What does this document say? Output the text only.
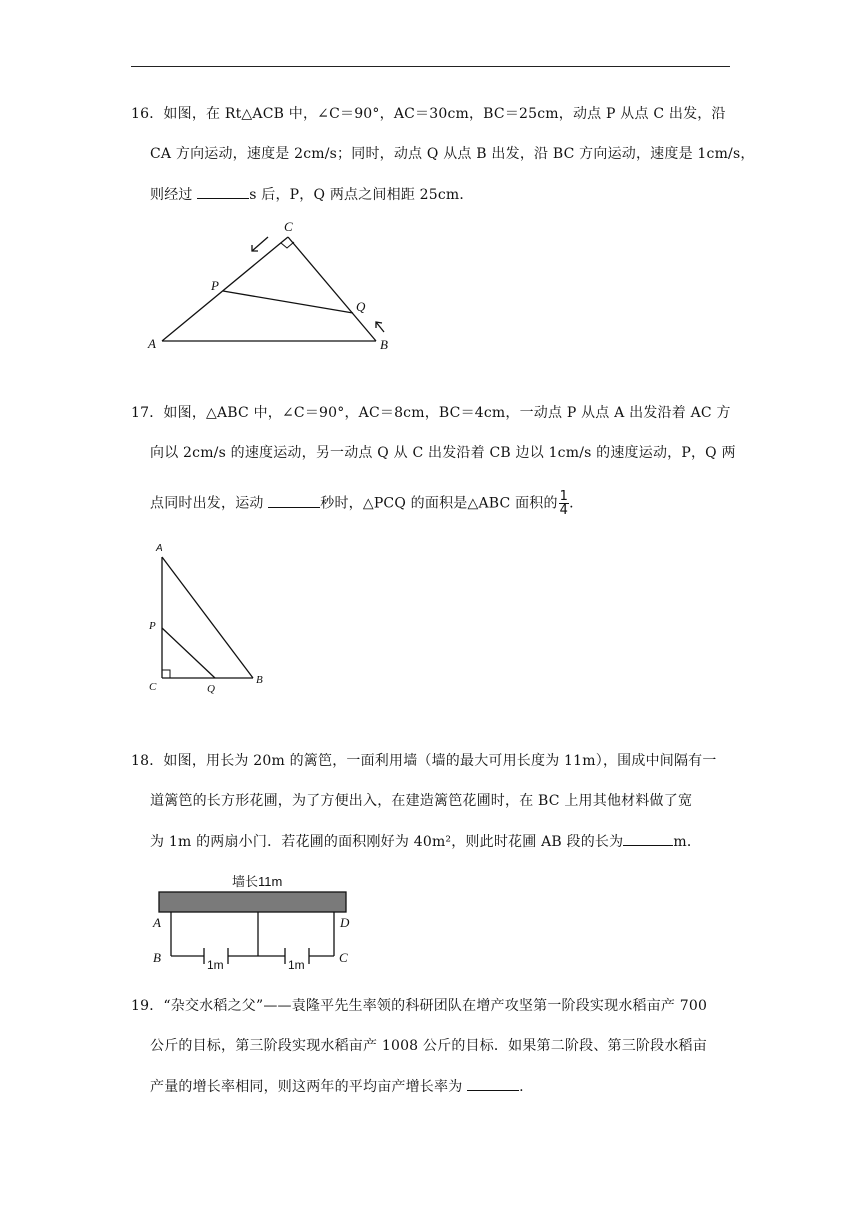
16．如图，在 Rt△ACB 中，∠C＝90°，AC＝30cm，BC＝25cm，动点 P 从点 C 出发，沿
CA 方向运动，速度是 2cm/s；同时，动点 Q 从点 B 出发，沿 BC 方向运动，速度是 1cm/s，
则经过	s 后，P，Q 两点之间相距 25cm．
A	B
C
P
Q
17．如图，△ABC 中，∠C＝90°，AC＝8cm，BC＝4cm，一动点 P 从点 A 出发沿着 AC 方
向以 2cm/s 的速度运动，另一动点 Q 从 C 出发沿着 CB 边以 1cm/s 的速度运动，P，Q 两
点同时出发，运动	秒时，△PCQ 的面积是△ABC 面积的 $\frac{1}{4}$ .
A
B
C
P
Q
18．如图，用长为 20m 的篱笆，一面利用墙（墙的最大可用长度为 11m），围成中间隔有一
道篱笆的长方形花圃，为了方便出入，在建造篱笆花圃时，在 BC 上用其他材料做了宽
为 1m 的两扇小门．若花圃的面积刚好为 40m²，则此时花圃 AB 段的长为	m．
墙长11m
1m	1m
A	D
B	C
19．“杂交水稻之父”——袁隆平先生率领的科研团队在增产攻坚第一阶段实现水稻亩产 700
公斤的目标，第三阶段实现水稻亩产 1008 公斤的目标．如果第二阶段、第三阶段水稻亩
产量的增长率相同，则这两年的平均亩产增长率为	.
